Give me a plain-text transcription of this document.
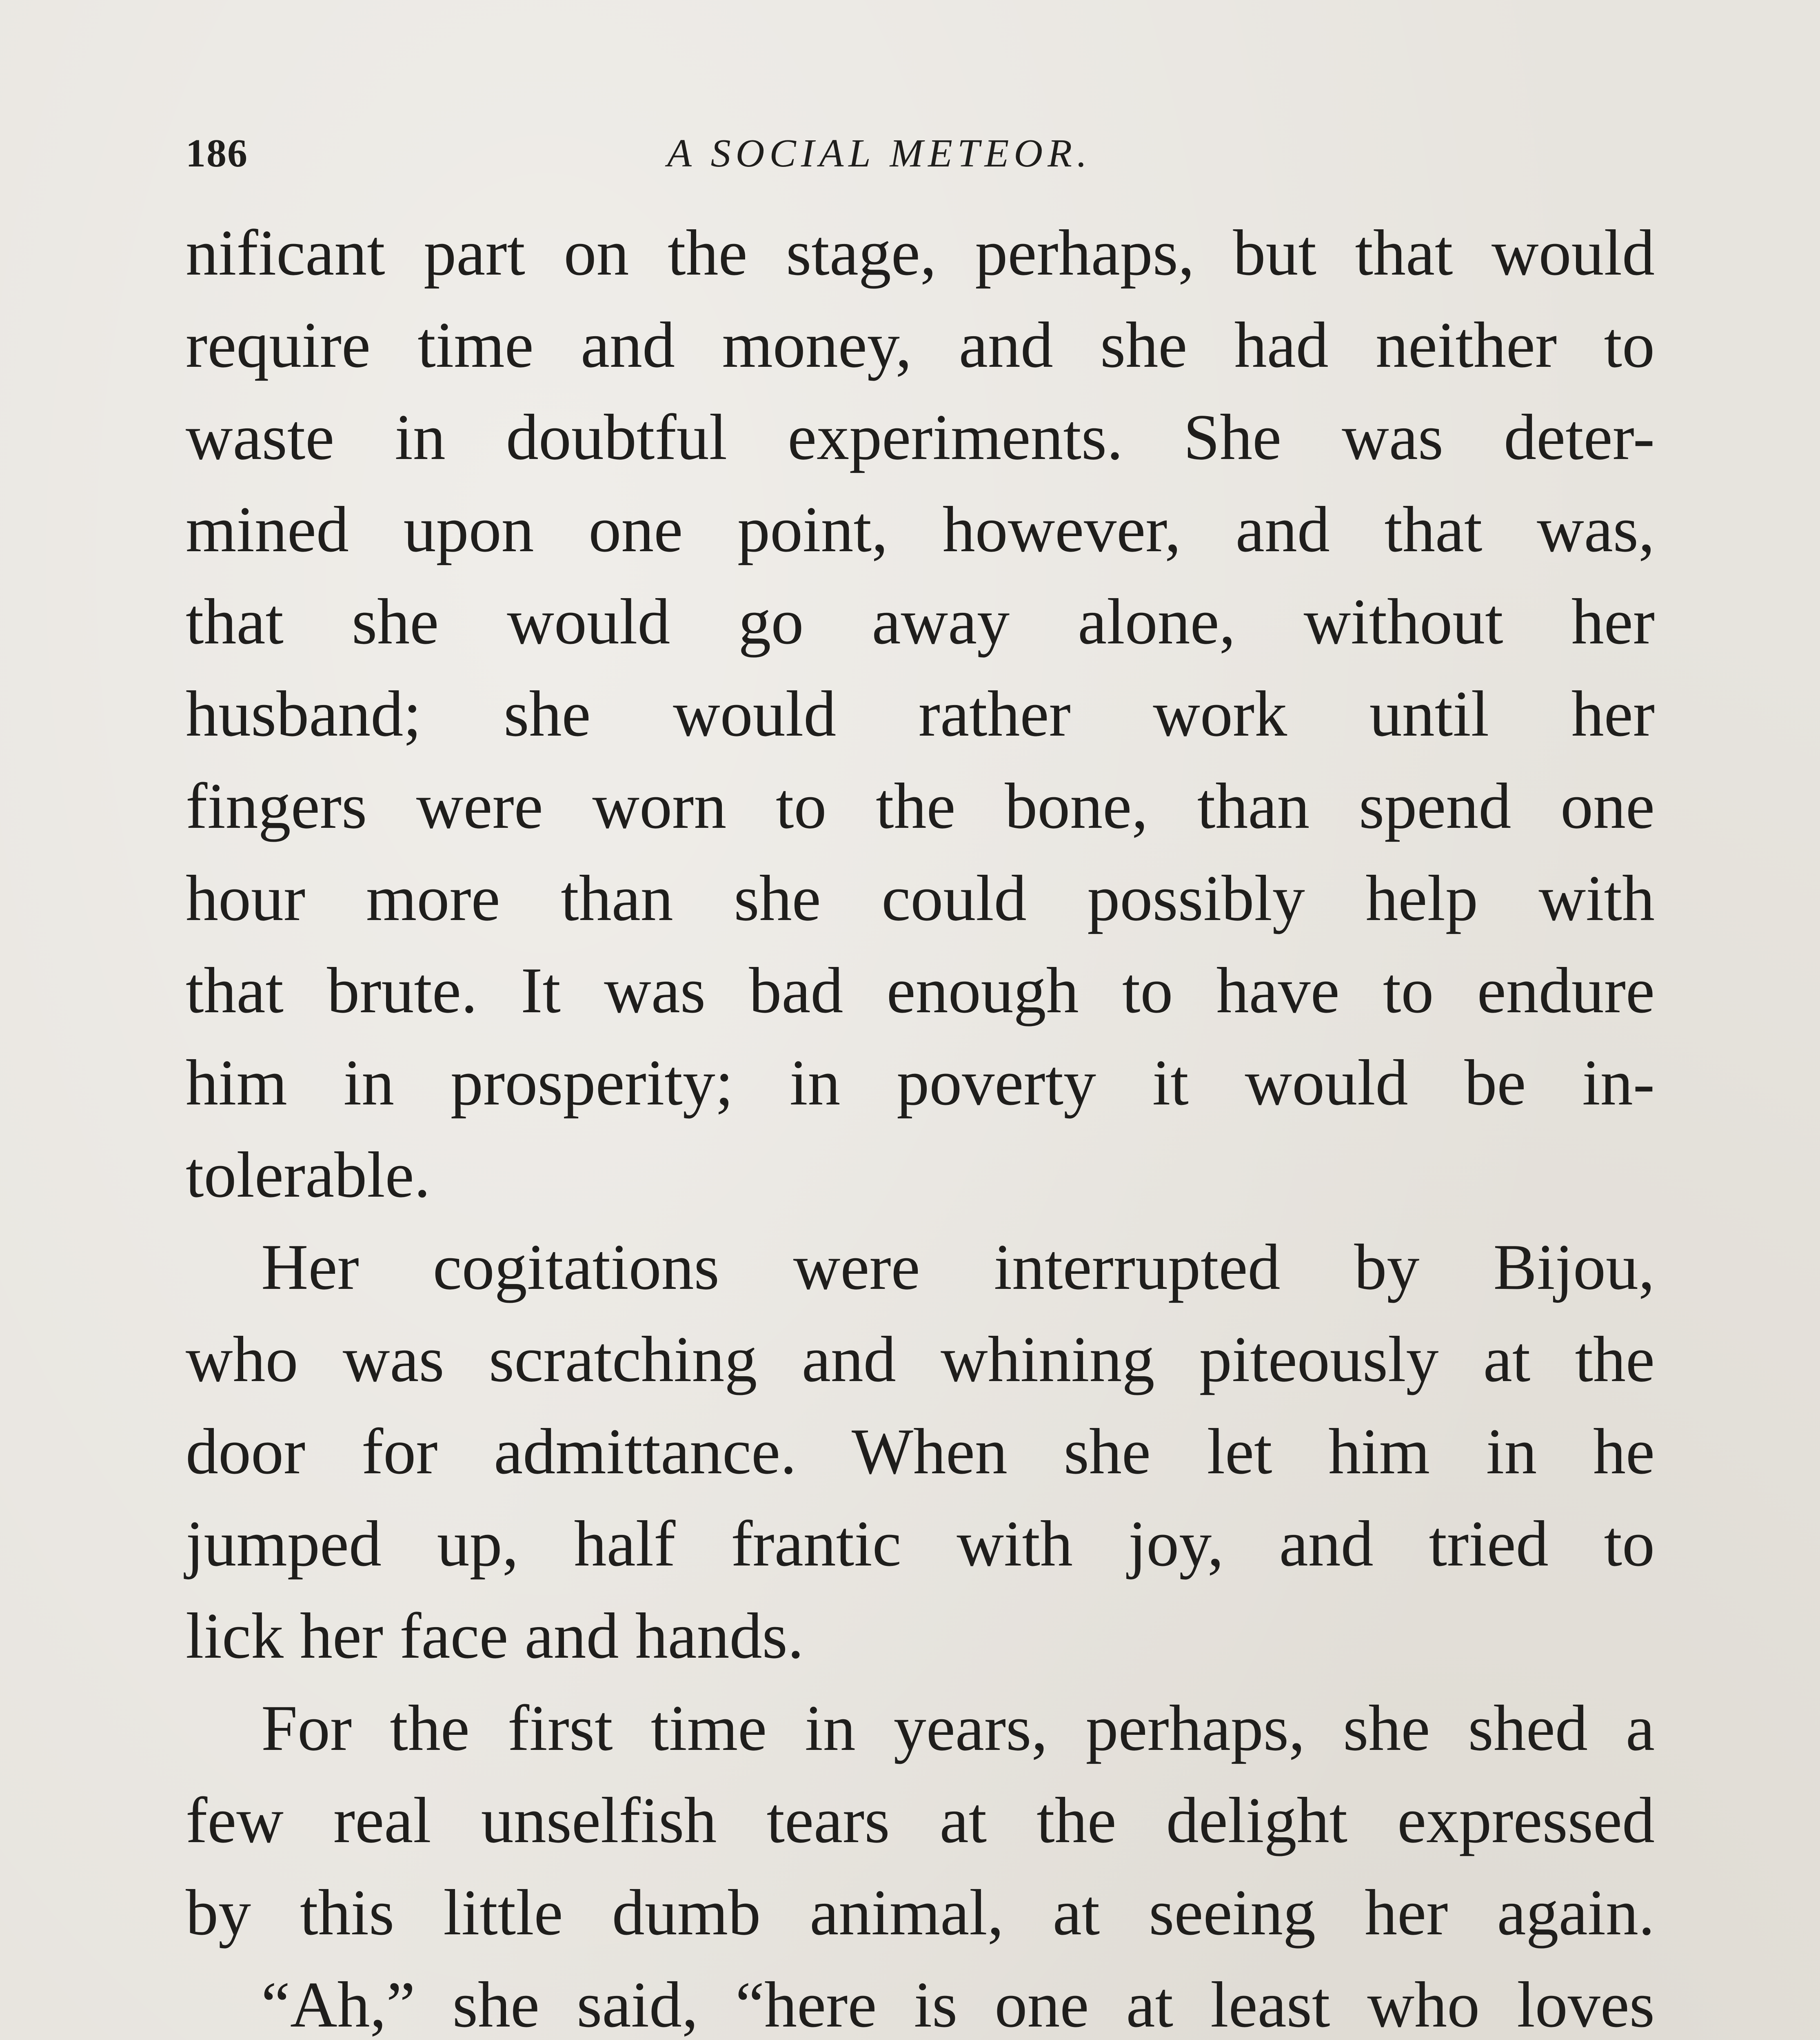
186	A SOCIAL METEOR.
nificant part on the stage, perhaps, but that would
require time and money, and she had neither to
waste in doubtful experiments. She was deter-
mined upon one point, however, and that was,
that she would go away alone, without her
husband; she would rather work until her
fingers were worn to the bone, than spend one
hour more than she could possibly help with
that brute. It was bad enough to have to endure
him in prosperity; in poverty it would be in-
tolerable.
Her cogitations were interrupted by Bijou,
who was scratching and whining piteously at the
door for admittance. When she let him in he
jumped up, half frantic with joy, and tried to
lick her face and hands.
For the first time in years, perhaps, she shed a
few real unselfish tears at the delight expressed
by this little dumb animal, at seeing her again.
“Ah,” she said, “here is one at least who loves
